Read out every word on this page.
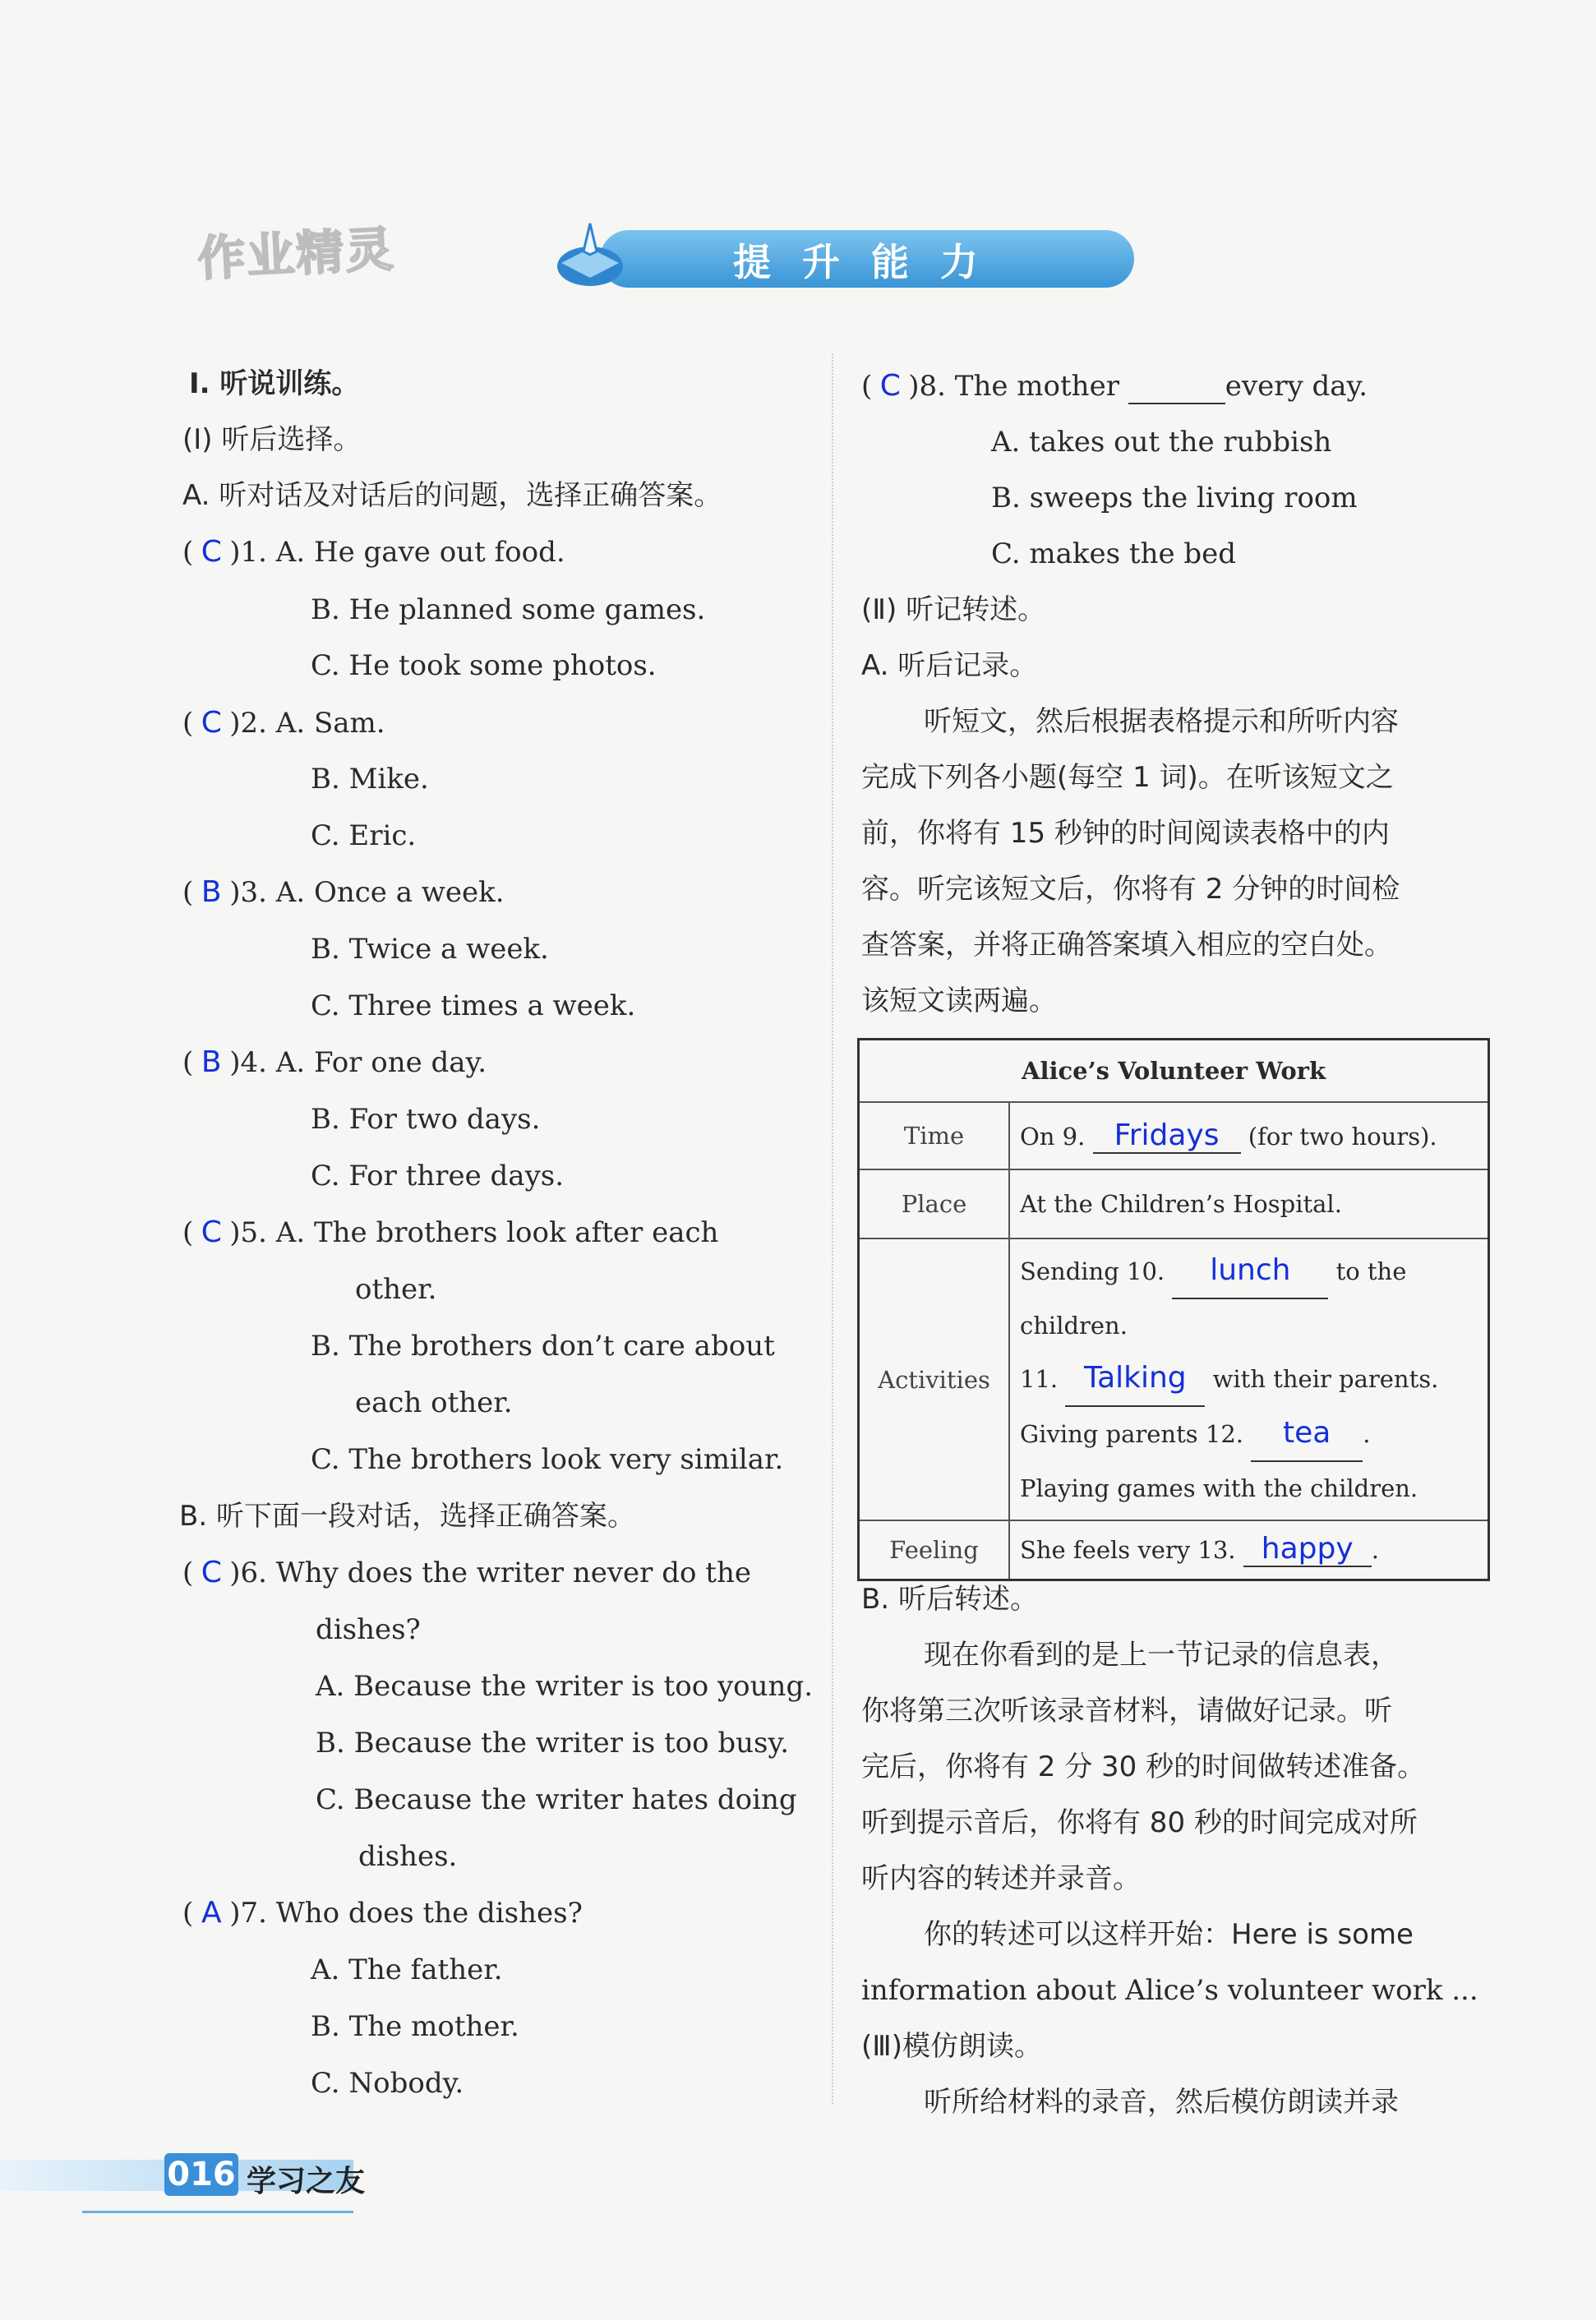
作业精灵	提升能力
Ⅰ. 听说训练。
(Ⅰ) 听后选择。
A. 听对话及对话后的问题，选择正确答案。
( C )1. A. He gave out food.
B. He planned some games.
C. He took some photos.
( C )2. A. Sam.
B. Mike.
C. Eric.
( B )3. A. Once a week.
B. Twice a week.
C. Three times a week.
( B )4. A. For one day.
B. For two days.
C. For three days.
( C )5. A. The brothers look after each
other.
B. The brothers don’t care about
each other.
C. The brothers look very similar.
B. 听下面一段对话，选择正确答案。
( C )6. Why does the writer never do the
dishes?
A. Because the writer is too young.
B. Because the writer is too busy.
C. Because the writer hates doing
dishes.
( A )7. Who does the dishes?
A. The father.
B. The mother.
C. Nobody.
( C )8. The mother	every day.
A. takes out the rubbish
B. sweeps the living room
C. makes the bed
(Ⅱ) 听记转述。
A. 听后记录。
听短文，然后根据表格提示和所听内容
完成下列各小题(每空 1 词)。在听该短文之
前，你将有 15 秒钟的时间阅读表格中的内
容。听完该短文后，你将有 2 分钟的时间检
查答案，并将正确答案填入相应的空白处。
该短文读两遍。
Alice’s Volunteer Work	
Time	On 9. Fridays (for two hours).
Place	At the Children’s Hospital.
Activities	Sending 10. lunch to the
children.
11. Talking with their parents.
Giving parents 12. tea .
Playing games with the children.

Feeling	She feels very 13. happy .
B. 听后转述。
现在你看到的是上一节记录的信息表，
你将第三次听该录音材料，请做好记录。听
完后，你将有 2 分 30 秒的时间做转述准备。
听到提示音后，你将有 80 秒的时间完成对所
听内容的转述并录音。
你的转述可以这样开始：Here is some
information about Alice’s volunteer work ...
(Ⅲ)模仿朗读。
听所给材料的录音，然后模仿朗读并录
016 学习之友
